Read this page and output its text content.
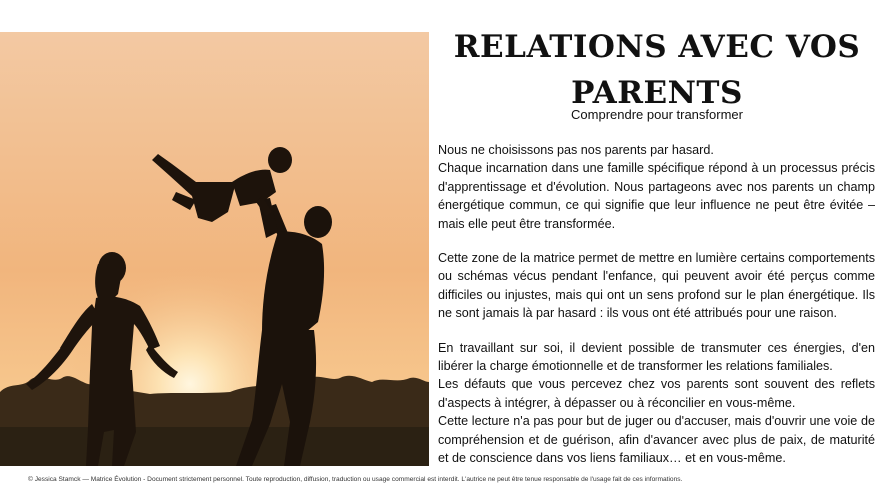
RELATIONS AVEC VOS PARENTS
Comprendre pour transformer

Nous ne choisissons pas nos parents par hasard.

Chaque incarnation dans une famille spécifique répond à un processus précis d'apprentissage et d'évolution. Nous partageons avec nos parents un champ énergétique commun, ce qui signifie que leur influence ne peut être évitée – mais elle peut être transformée.

Cette zone de la matrice permet de mettre en lumière certains comportements ou schémas vécus pendant l'enfance, qui peuvent avoir été perçus comme difficiles ou injustes, mais qui ont un sens profond sur le plan énergétique. Ils ne sont jamais là par hasard : ils vous ont été attribués pour une raison.

En travaillant sur soi, il devient possible de transmuter ces énergies, d'en libérer la charge émotionnelle et de transformer les relations familiales.

Les défauts que vous percevez chez vos parents sont souvent des reflets d'aspects à intégrer, à dépasser ou à réconcilier en vous-même.

Cette lecture n'a pas pour but de juger ou d'accuser, mais d'ouvrir une voie de compréhension et de guérison, afin d'avancer avec plus de paix, de maturité et de conscience dans vos liens familiaux… et en vous-même.

© Jessica Stamck — Matrice Évolution - Document strictement personnel. Toute reproduction, diffusion, traduction ou usage commercial est interdit. L'autrice ne peut être tenue responsable de l'usage fait de ces informations.
